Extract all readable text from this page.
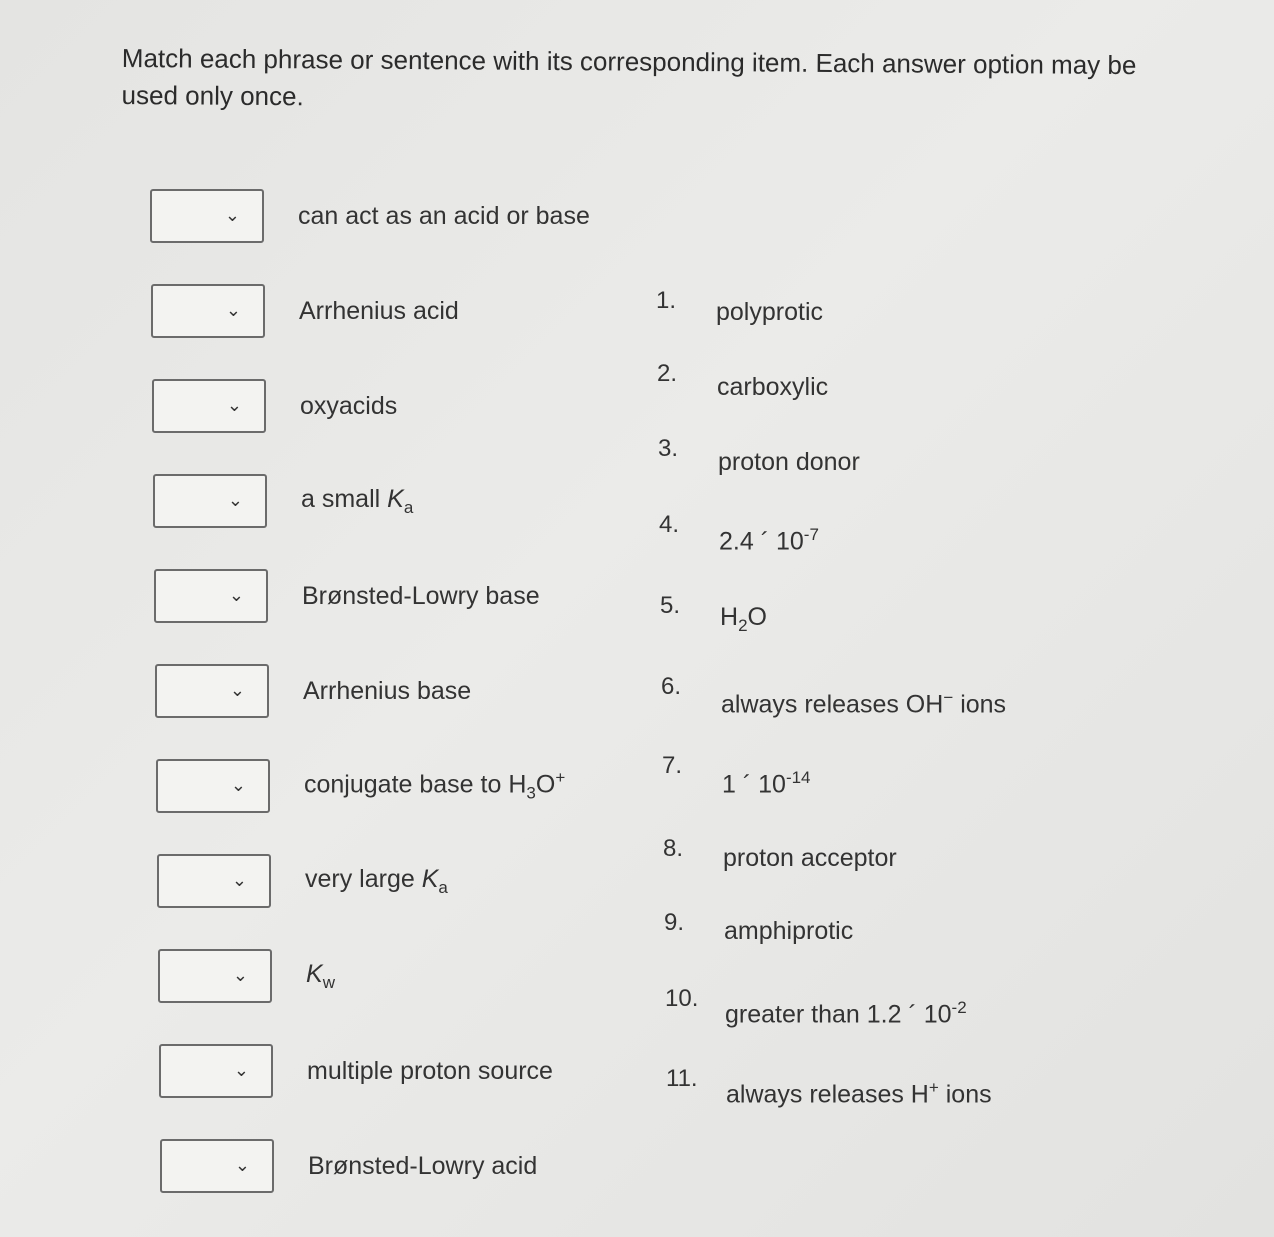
Match each phrase or sentence with its corresponding item. Each answer option may be used only once.
⌄ can act as an acid or base
⌄ Arrhenius acid
⌄ oxyacids
⌄ a small $K_a$
⌄ Brønsted-Lowry base
⌄ Arrhenius base
⌄ conjugate base to $H_3O^+$
⌄ very large $K_a$
⌄ $K_w$
⌄ multiple proton source
⌄ Brønsted-Lowry acid
1. polyprotic
2. carboxylic
3. proton donor
4.
2.4 ´ $10^{-7}$
5. $H_2O$
6.
always releases OH− ions
7.
1 ´ $10^{-14}$
8. proton acceptor
9. amphiprotic
10.
greater than 1.2 ´ $10^{-2}$
11.
always releases H+ ions
